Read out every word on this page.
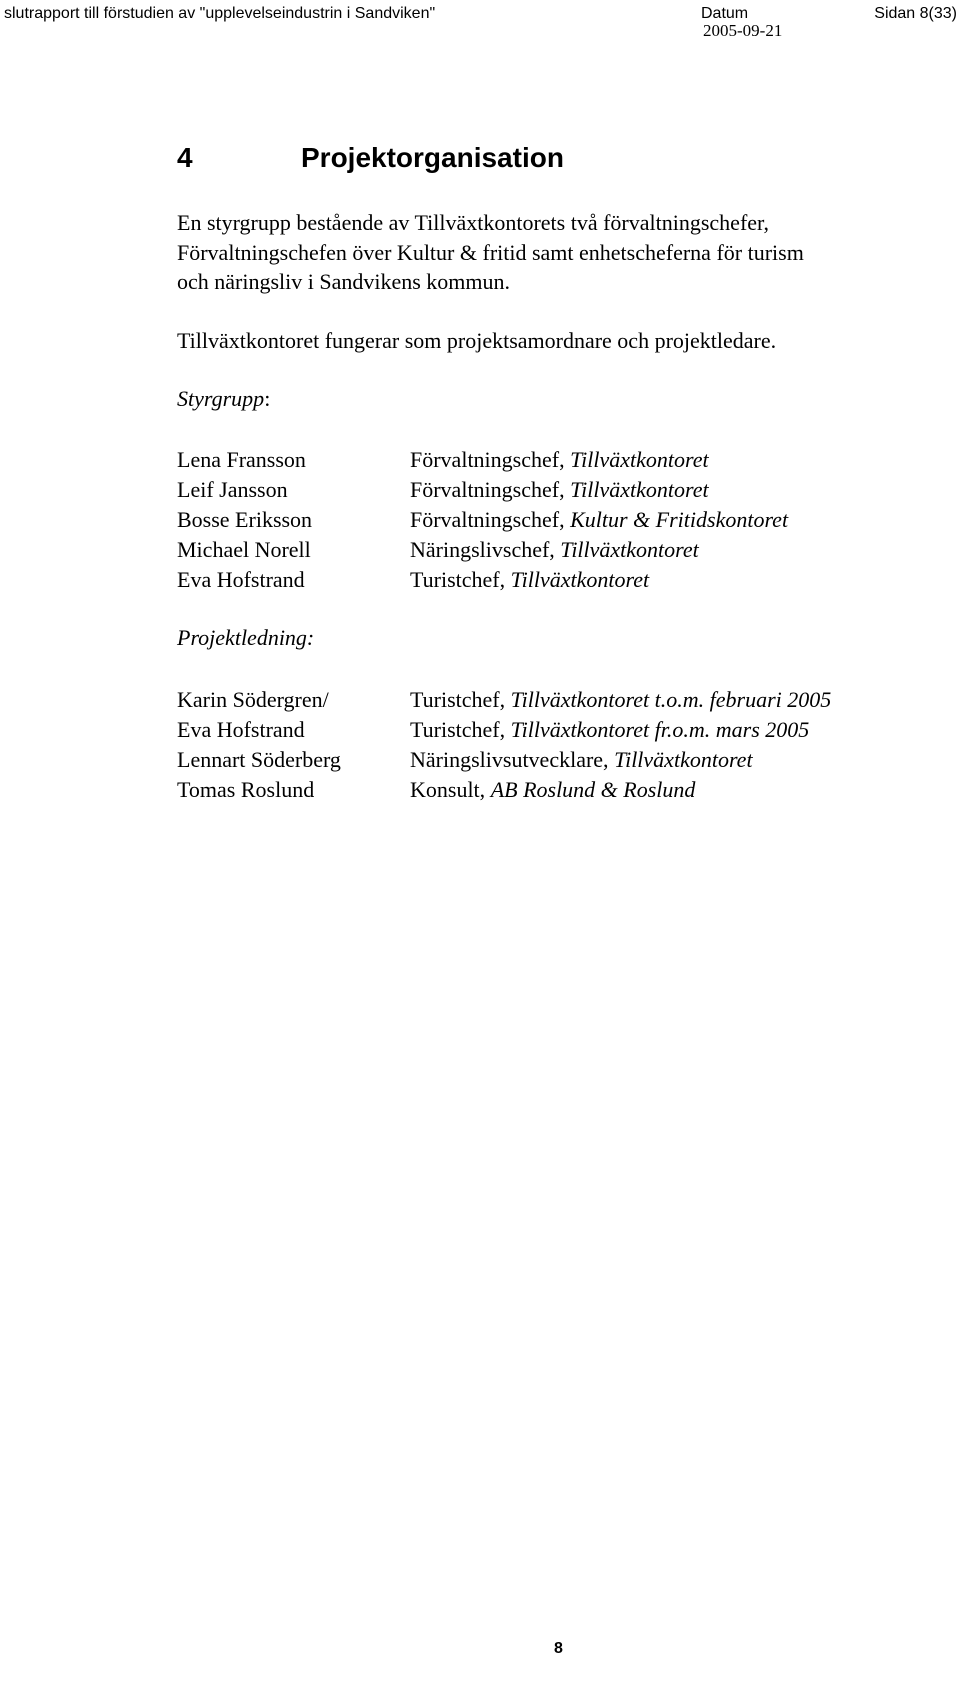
slutrapport till förstudien av "upplevelseindustrin i Sandviken"	Datum	Sidan 8(33)
2005-09-21
4	Projektorganisation

En styrgrupp bestående av Tillväxtkontorets två förvaltningschefer,

Förvaltningschefen över Kultur & fritid samt enhetscheferna för turism

och näringsliv i Sandvikens kommun.

Tillväxtkontoret fungerar som projektsamordnare och projektledare.

Styrgrupp:

Lena Fransson	Förvaltningschef, Tillväxtkontoret
Leif Jansson	Förvaltningschef, Tillväxtkontoret
Bosse Eriksson	Förvaltningschef, Kultur & Fritidskontoret
Michael Norell	Näringslivschef, Tillväxtkontoret
Eva Hofstrand	Turistchef, Tillväxtkontoret

Projektledning:

Karin Södergren/	Turistchef, Tillväxtkontoret t.o.m. februari 2005
Eva Hofstrand	Turistchef, Tillväxtkontoret fr.o.m. mars 2005
Lennart Söderberg	Näringslivsutvecklare, Tillväxtkontoret
Tomas Roslund	Konsult, AB Roslund & Roslund
8
